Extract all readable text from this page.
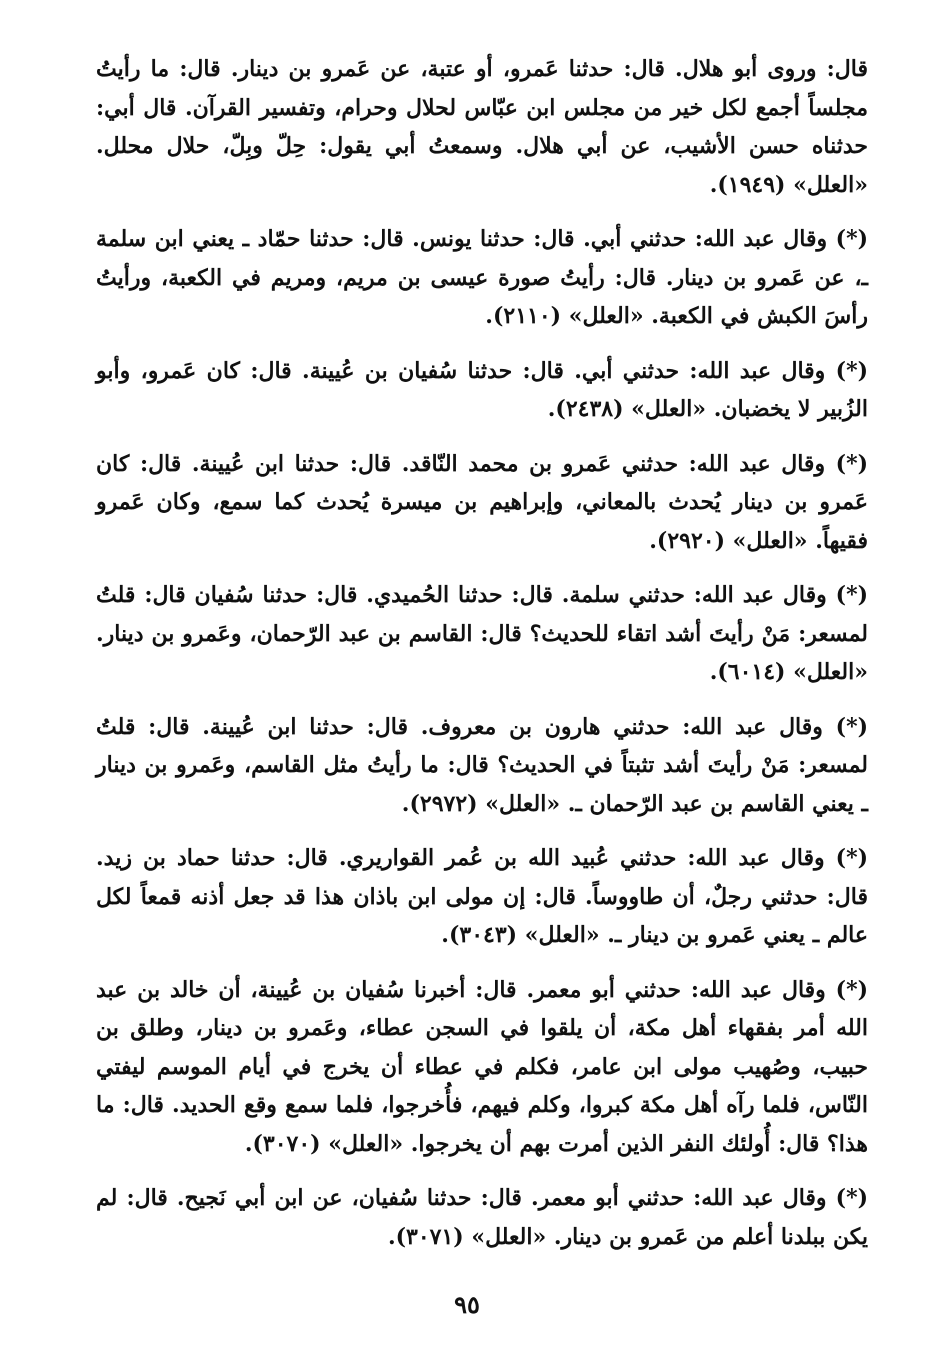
قال: وروى أبو هلال. قال: حدثنا عَمرو، أو عتبة، عن عَمرو بن دينار. قال: ما رأيتُ مجلساً أجمع لكل خير من مجلس ابن عبّاس لحلال وحرام، وتفسير القرآن. قال أبي: حدثناه حسن الأشيب، عن أبي هلال. وسمعتُ أبي يقول: حِلّ وبِلّ، حلال محلل. «العلل» (١٩٤٩).

(*) وقال عبد الله: حدثني أبي. قال: حدثنا يونس. قال: حدثنا حمّاد ـ يعني ابن سلمة ـ، عن عَمرو بن دينار. قال: رأيتُ صورة عيسى بن مريم، ومريم في الكعبة، ورأيتُ رأسَ الكبش في الكعبة. «العلل» (٢١١٠).

(*) وقال عبد الله: حدثني أبي. قال: حدثنا سُفيان بن عُيينة. قال: كان عَمرو، وأبو الزُبير لا يخضبان. «العلل» (٢٤٣٨).

(*) وقال عبد الله: حدثني عَمرو بن محمد النّاقد. قال: حدثنا ابن عُيينة. قال: كان عَمرو بن دينار يُحدث بالمعاني، وإبراهيم بن ميسرة يُحدث كما سمع، وكان عَمرو فقيهاً. «العلل» (٢٩٢٠).

(*) وقال عبد الله: حدثني سلمة. قال: حدثنا الحُميدي. قال: حدثنا سُفيان قال: قلتُ لمسعر: مَنْ رأيتَ أشد اتقاء للحديث؟ قال: القاسم بن عبد الرّحمان، وعَمرو بن دينار. «العلل» (٦٠١٤).

(*) وقال عبد الله: حدثني هارون بن معروف. قال: حدثنا ابن عُيينة. قال: قلتُ لمسعر: مَنْ رأيتَ أشد تثبتاً في الحديث؟ قال: ما رأيتُ مثل القاسم، وعَمرو بن دينار ـ يعني القاسم بن عبد الرّحمان ـ. «العلل» (٢٩٧٢).

(*) وقال عبد الله: حدثني عُبيد الله بن عُمر القواريري. قال: حدثنا حماد بن زيد. قال: حدثني رجلٌ، أن طاووساً. قال: إن مولى ابن باذان هذا قد جعل أذنه قمعاً لكل عالم ـ يعني عَمرو بن دينار ـ. «العلل» (٣٠٤٣).

(*) وقال عبد الله: حدثني أبو معمر. قال: أخبرنا سُفيان بن عُيينة، أن خالد بن عبد الله أمر بفقهاء أهل مكة، أن يلقوا في السجن عطاء، وعَمرو بن دينار، وطلق بن حبيب، وصُهيب مولى ابن عامر، فكلم في عطاء أن يخرج في أيام الموسم ليفتي النّاس، فلما رآه أهل مكة كبروا، وكلم فيهم، فأُخرجوا، فلما سمع وقع الحديد. قال: ما هذا؟ قال: أُولئك النفر الذين أمرت بهم أن يخرجوا. «العلل» (٣٠٧٠).

(*) وقال عبد الله: حدثني أبو معمر. قال: حدثنا سُفيان، عن ابن أبي نَجيح. قال: لم يكن ببلدنا أعلم من عَمرو بن دينار. «العلل» (٣٠٧١).

٩٥
